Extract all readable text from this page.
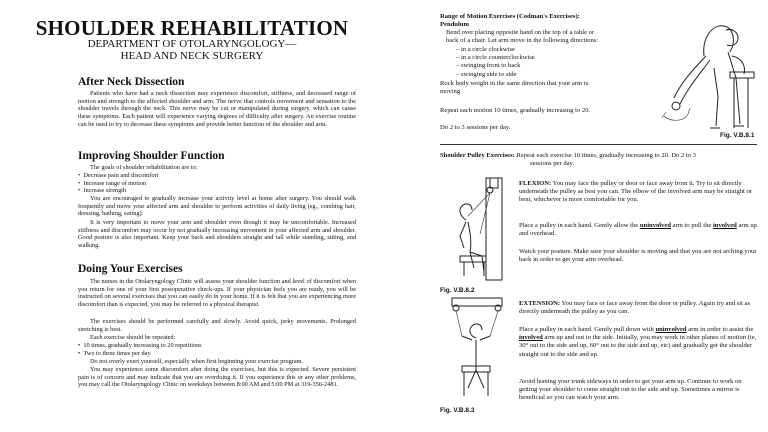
SHOULDER REHABILITATION
DEPARTMENT OF OTOLARYNGOLOGY—
HEAD AND NECK SURGERY
After Neck Dissection
Patients who have had a neck dissection may experience discomfort, stiffness, and decreased range of motion and strength to the affected shoulder and arm. The nerve that controls movement and sensation to the shoulder travels through the neck. This nerve may be cut or manipulated during surgery, which can cause these symptoms. Each patient will experience varying degrees of difficulty after surgery. An exercise routine can be used to try to decrease these symptoms and provide better function of the shoulder and arm.
Improving Shoulder Function
The goals of shoulder rehabilitation are to:
•  Decrease pain and discomfort
•  Increase range of motion
•  Increase strength
You are encouraged to gradually increase your activity level at home after surgery. You should walk frequently and move your affected arm and shoulder to perform activities of daily living (eg., combing hair, dressing, bathing, eating).
It is very important to move your arm and shoulder even though it may be uncomfortable. Increased stiffness and discomfort may occur by not gradually increasing movement in your affected arm and shoulder. Good posture is also important. Keep your back and shoulders straight and tall while standing, sitting, and walking.
Doing Your Exercises
The nurses in the Otolaryngology Clinic will assess your shoulder function and level of discomfort when you return for one of your first postoperative check-ups. If your physician feels you are ready, you will be instructed on several exercises that you can easily do in your home. If it is felt that you are experiencing more discomfort than is expected, you may be referred to a physical therapist.
The exercises should be performed carefully and slowly. Avoid quick, jerky movements. Prolonged stretching is best.
Each exercise should be repeated:
•  10 times, gradually increasing to 20 repetitions
•  Two to three times per day
Do not overly exert yourself, especially when first beginning your exercise program.
You may experience some discomfort after doing the exercises, but this is expected. Severe persistent pain is of concern and may indicate that you are overdoing it. If you experience this or any other problems, you may call the Otolaryngology Clinic on weekdays between 8:00 AM and 5:00 PM at 319-356-2481.
Range of Motion Exercises (Codman's Exercises):
Pendulum
Bend over placing opposite hand on the top of a table or
back of a chair. Let arm move in the following directions:
– in a circle clockwise
– in a circle counterclockwise
– swinging front to back
– swinging side to side
Rock body weight in the same direction that your arm is
moving
Repeat each motion 10 times, gradually increasing to 20.
Do 2 to 3 sessions per day.
Fig. V.B.8.1
Shoulder Pulley Exercises: Repeat each exercise 10 times, gradually increasing to 20. Do 2 to 3
sessions per day.
Fig. V.B.8.2
FLEXION: You may face the pulley or door or face away from it. Try to sit directly underneath the pulley as best you can. The elbow of the involved arm may be straight or bent, whichever is more comfortable for you.
Place a pulley in each hand. Gently allow the uninvolved arm to pull the involved arm up and overhead.
Watch your posture. Make sure your shoulder is moving and that you are not arching your back in order to get your arm overhead.
Fig. V.B.8.3
EXTENSION: You may face or face away from the door or pulley. Again try and sit as directly underneath the pulley as you can.
Place a pulley in each hand. Gently pull down with uninvolved arm in order to assist the involved arm up and out to the side. Initially, you may work in other planes of motion (ie, 30° out to the side and up, 60° out to the side and up, etc) and gradually get the shoulder straight out to the side and up.
Avoid leaning your trunk sideways in order to get your arm up. Continue to work on getting your shoulder to come straight out to the side and up. Sometimes a mirror is beneficial so you can watch your arm.
